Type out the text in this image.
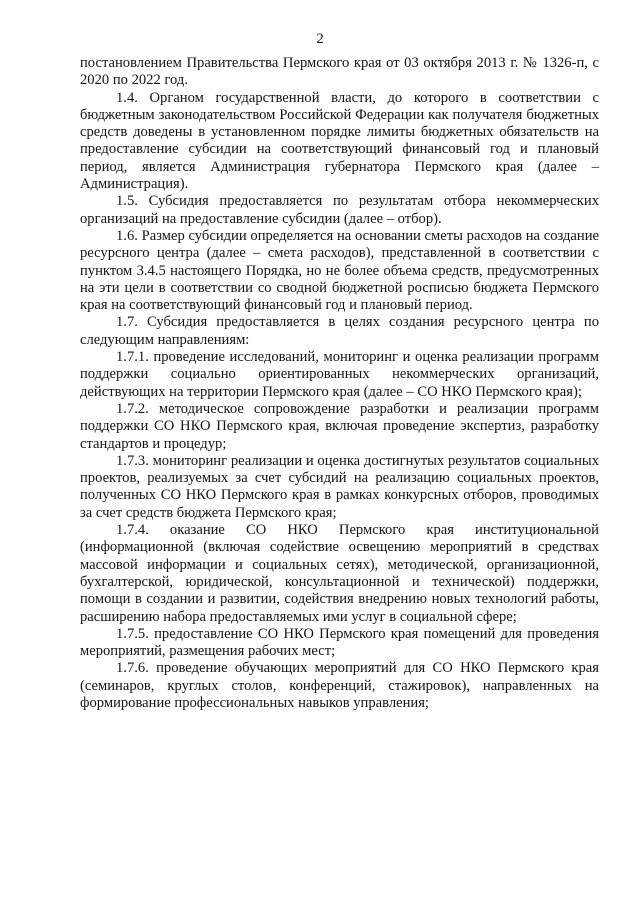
2

постановлением Правительства Пермского края от 03 октября 2013 г. № 1326-п, с 2020 по 2022 год.

1.4. Органом государственной власти, до которого в соответствии с бюджетным законодательством Российской Федерации как получателя бюджетных средств доведены в установленном порядке лимиты бюджетных обязательств на предоставление субсидии на соответствующий финансовый год и плановый период, является Администрация губернатора Пермского края (далее – Администрация).

1.5. Субсидия предоставляется по результатам отбора некоммерческих организаций на предоставление субсидии (далее – отбор).

1.6. Размер субсидии определяется на основании сметы расходов на создание ресурсного центра (далее – смета расходов), представленной в соответствии с пунктом 3.4.5 настоящего Порядка, но не более объема средств, предусмотренных на эти цели в соответствии со сводной бюджетной росписью бюджета Пермского края на соответствующий финансовый год и плановый период.

1.7. Субсидия предоставляется в целях создания ресурсного центра по следующим направлениям:

1.7.1. проведение исследований, мониторинг и оценка реализации программ поддержки социально ориентированных некоммерческих организаций, действующих на территории Пермского края (далее – СО НКО Пермского края);

1.7.2. методическое сопровождение разработки и реализации программ поддержки СО НКО Пермского края, включая проведение экспертиз, разработку стандартов и процедур;

1.7.3. мониторинг реализации и оценка достигнутых результатов социальных проектов, реализуемых за счет субсидий на реализацию социальных проектов, полученных СО НКО Пермского края в рамках конкурсных отборов, проводимых за счет средств бюджета Пермского края;

1.7.4. оказание СО НКО Пермского края институциональной (информационной (включая содействие освещению мероприятий в средствах массовой информации и социальных сетях), методической, организационной, бухгалтерской, юридической, консультационной и технической) поддержки, помощи в создании и развитии, содействия внедрению новых технологий работы, расширению набора предоставляемых ими услуг в социальной сфере;

1.7.5. предоставление СО НКО Пермского края помещений для проведения мероприятий, размещения рабочих мест;

1.7.6. проведение обучающих мероприятий для СО НКО Пермского края (семинаров, круглых столов, конференций, стажировок), направленных на формирование профессиональных навыков управления;
